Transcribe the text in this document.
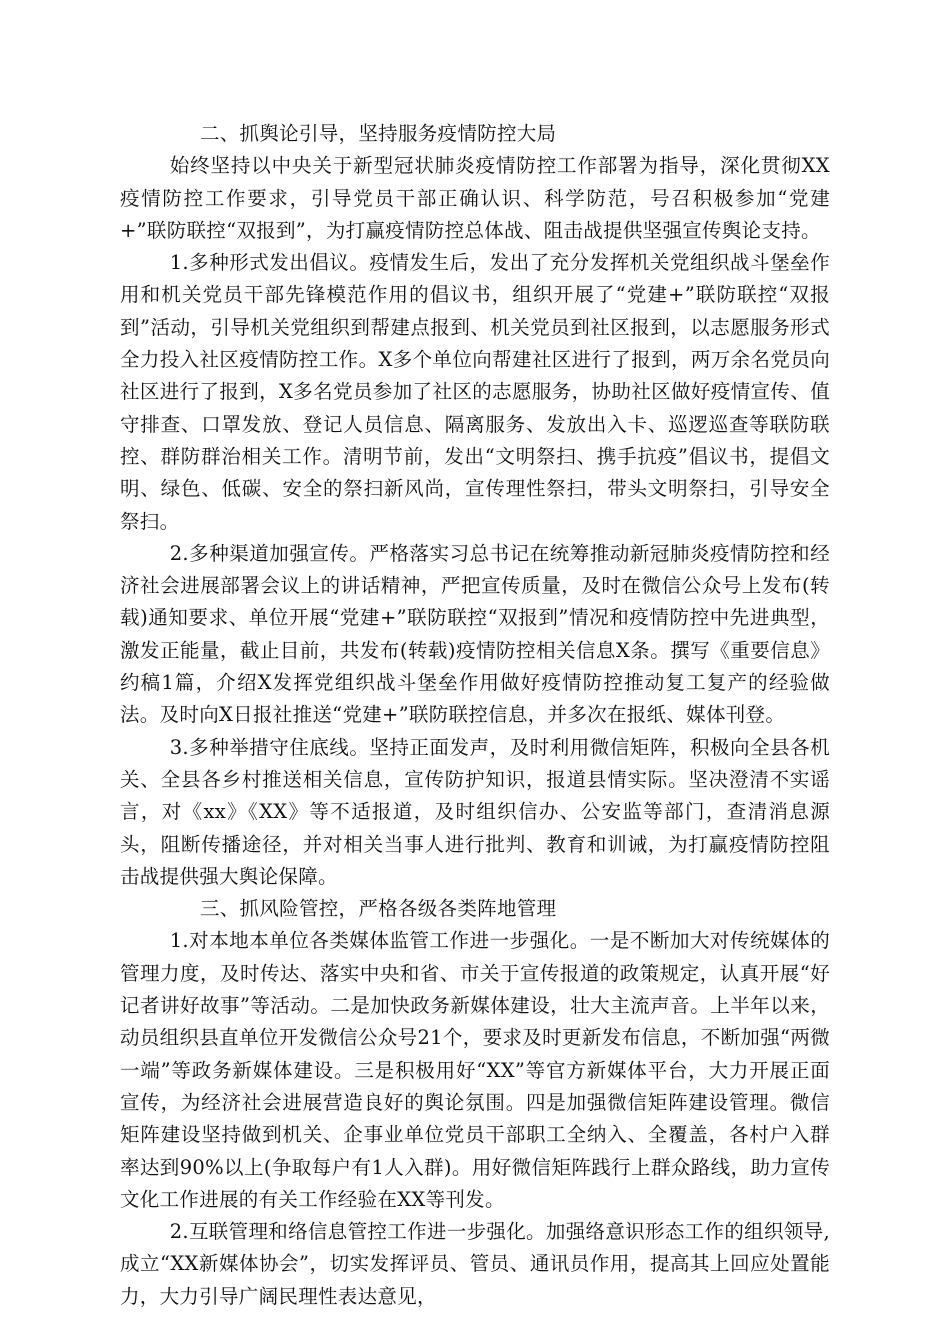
二、抓舆论引导，坚持服务疫情防控大局

始终坚持以中央关于新型冠状肺炎疫情防控工作部署为指导，深化贯彻XX疫情防控工作要求，引导党员干部正确认识、科学防范，号召积极参加“党建+”联防联控“双报到”，为打赢疫情防控总体战、阻击战提供坚强宣传舆论支持。

1.多种形式发出倡议。疫情发生后，发出了充分发挥机关党组织战斗堡垒作用和机关党员干部先锋模范作用的倡议书，组织开展了“党建+”联防联控“双报到”活动，引导机关党组织到帮建点报到、机关党员到社区报到，以志愿服务形式全力投入社区疫情防控工作。X多个单位向帮建社区进行了报到，两万余名党员向社区进行了报到，X多名党员参加了社区的志愿服务，协助社区做好疫情宣传、值守排查、口罩发放、登记人员信息、隔离服务、发放出入卡、巡逻巡查等联防联控、群防群治相关工作。清明节前，发出“文明祭扫、携手抗疫”倡议书，提倡文明、绿色、低碳、安全的祭扫新风尚，宣传理性祭扫，带头文明祭扫，引导安全祭扫。

2.多种渠道加强宣传。严格落实习总书记在统筹推动新冠肺炎疫情防控和经济社会进展部署会议上的讲话精神，严把宣传质量，及时在微信公众号上发布(转载)通知要求、单位开展“党建+”联防联控“双报到”情况和疫情防控中先进典型，激发正能量，截止目前，共发布(转载)疫情防控相关信息X条。撰写《重要信息》约稿1篇，介绍X发挥党组织战斗堡垒作用做好疫情防控推动复工复产的经验做法。及时向X日报社推送“党建+”联防联控信息，并多次在报纸、媒体刊登。

3.多种举措守住底线。坚持正面发声，及时利用微信矩阵，积极向全县各机关、全县各乡村推送相关信息，宣传防护知识，报道县情实际。坚决澄清不实谣言，对《xx》《XX》等不适报道，及时组织信办、公安监等部门，查清消息源头，阻断传播途径，并对相关当事人进行批判、教育和训诫，为打赢疫情防控阻击战提供强大舆论保障。

三、抓风险管控，严格各级各类阵地管理

1.对本地本单位各类媒体监管工作进一步强化。一是不断加大对传统媒体的管理力度，及时传达、落实中央和省、市关于宣传报道的政策规定，认真开展“好记者讲好故事”等活动。二是加快政务新媒体建设，壮大主流声音。上半年以来，动员组织县直单位开发微信公众号21个，要求及时更新发布信息，不断加强“两微一端”等政务新媒体建设。三是积极用好“XX”等官方新媒体平台，大力开展正面宣传，为经济社会进展营造良好的舆论氛围。四是加强微信矩阵建设管理。微信矩阵建设坚持做到机关、企事业单位党员干部职工全纳入、全覆盖，各村户入群率达到90%以上(争取每户有1人入群)。用好微信矩阵践行上群众路线，助力宣传文化工作进展的有关工作经验在XX等刊发。

2.互联管理和络信息管控工作进一步强化。加强络意识形态工作的组织领导,成立“XX新媒体协会”，切实发挥评员、管员、通讯员作用，提高其上回应处置能力，大力引导广阔民理性表达意见，
